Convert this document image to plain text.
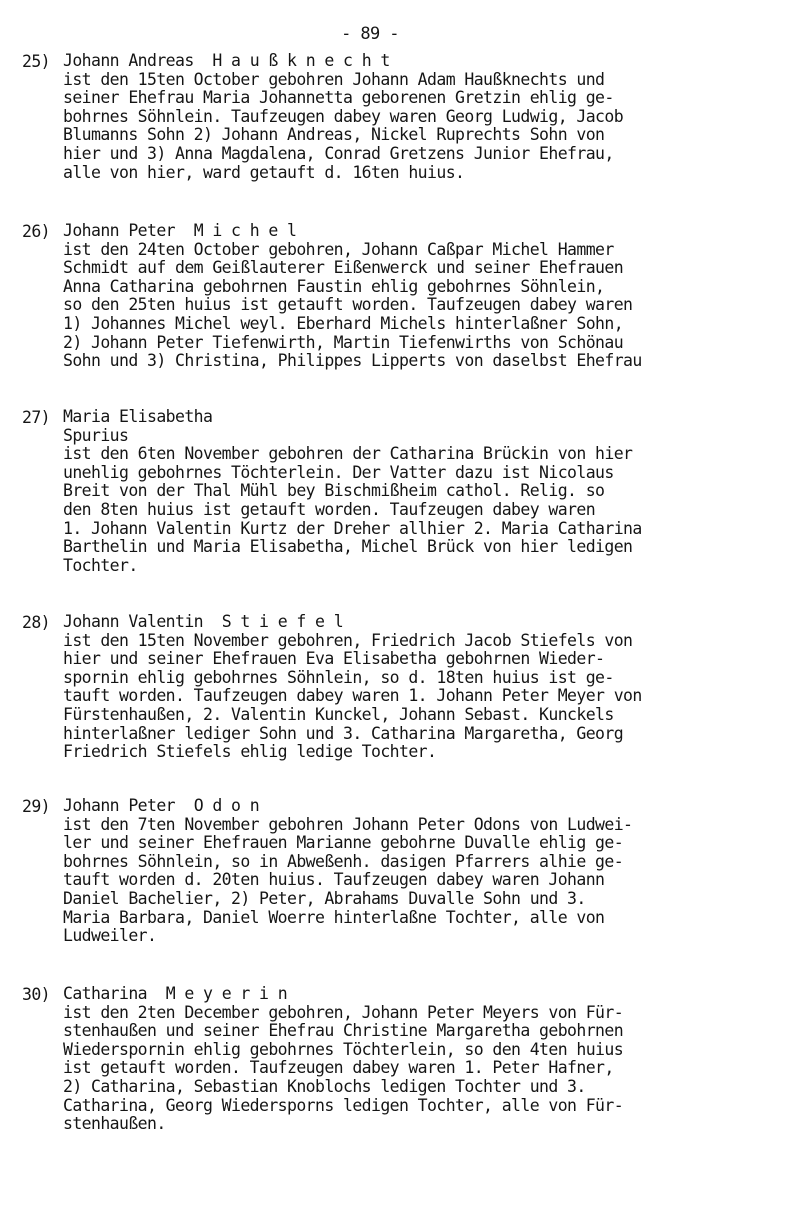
- 89 -
25) Johann Andreas H a u ß k n e c h t
ist den 15ten October gebohren Johann Adam Haußknechts und
seiner Ehefrau Maria Johannetta geborenen Gretzin ehlig ge-
bohrnes Söhnlein. Taufzeugen dabey waren Georg Ludwig, Jacob
Blumanns Sohn 2) Johann Andreas, Nickel Ruprechts Sohn von
hier und 3) Anna Magdalena, Conrad Gretzens Junior Ehefrau,
alle von hier, ward getauft d. 16ten huius.
26) Johann Peter M i c h e l
ist den 24ten October gebohren, Johann Caßpar Michel Hammer
Schmidt auf dem Geißlauterer Eißenwerck und seiner Ehefrauen
Anna Catharina gebohrnen Faustin ehlig gebohrnes Söhnlein,
so den 25ten huius ist getauft worden. Taufzeugen dabey waren
1) Johannes Michel weyl. Eberhard Michels hinterlaßner Sohn,
2) Johann Peter Tiefenwirth, Martin Tiefenwirths von Schönau
Sohn und 3) Christina, Philippes Lipperts von daselbst Ehefrau
27) Maria Elisabetha
Spurius
ist den 6ten November gebohren der Catharina Brückin von hier
unehlig gebohrnes Töchterlein. Der Vatter dazu ist Nicolaus
Breit von der Thal Mühl bey Bischmißheim cathol. Relig. so
den 8ten huius ist getauft worden. Taufzeugen dabey waren
1. Johann Valentin Kurtz der Dreher allhier 2. Maria Catharina
Barthelin und Maria Elisabetha, Michel Brück von hier ledigen
Tochter.
28) Johann Valentin S t i e f e l
ist den 15ten November gebohren, Friedrich Jacob Stiefels von
hier und seiner Ehefrauen Eva Elisabetha gebohrnen Wieder-
spornin ehlig gebohrnes Söhnlein, so d. 18ten huius ist ge-
tauft worden. Taufzeugen dabey waren 1. Johann Peter Meyer von
Fürstenhaußen, 2. Valentin Kunckel, Johann Sebast. Kunckels
hinterlaßner lediger Sohn und 3. Catharina Margaretha, Georg
Friedrich Stiefels ehlig ledige Tochter.
29) Johann Peter O d o n
ist den 7ten November gebohren Johann Peter Odons von Ludwei-
ler und seiner Ehefrauen Marianne gebohrne Duvalle ehlig ge-
bohrnes Söhnlein, so in Abweßenh. dasigen Pfarrers alhie ge-
tauft worden d. 20ten huius. Taufzeugen dabey waren Johann
Daniel Bachelier, 2) Peter, Abrahams Duvalle Sohn und 3.
Maria Barbara, Daniel Woerre hinterlaßne Tochter, alle von
Ludweiler.
30) Catharina M e y e r i n
ist den 2ten December gebohren, Johann Peter Meyers von Für-
stenhaußen und seiner Ehefrau Christine Margaretha gebohrnen
Wiederspornin ehlig gebohrnes Töchterlein, so den 4ten huius
ist getauft worden. Taufzeugen dabey waren 1. Peter Hafner,
2) Catharina, Sebastian Knoblochs ledigen Tochter und 3.
Catharina, Georg Wiedersporns ledigen Tochter, alle von Für-
stenhaußen.
